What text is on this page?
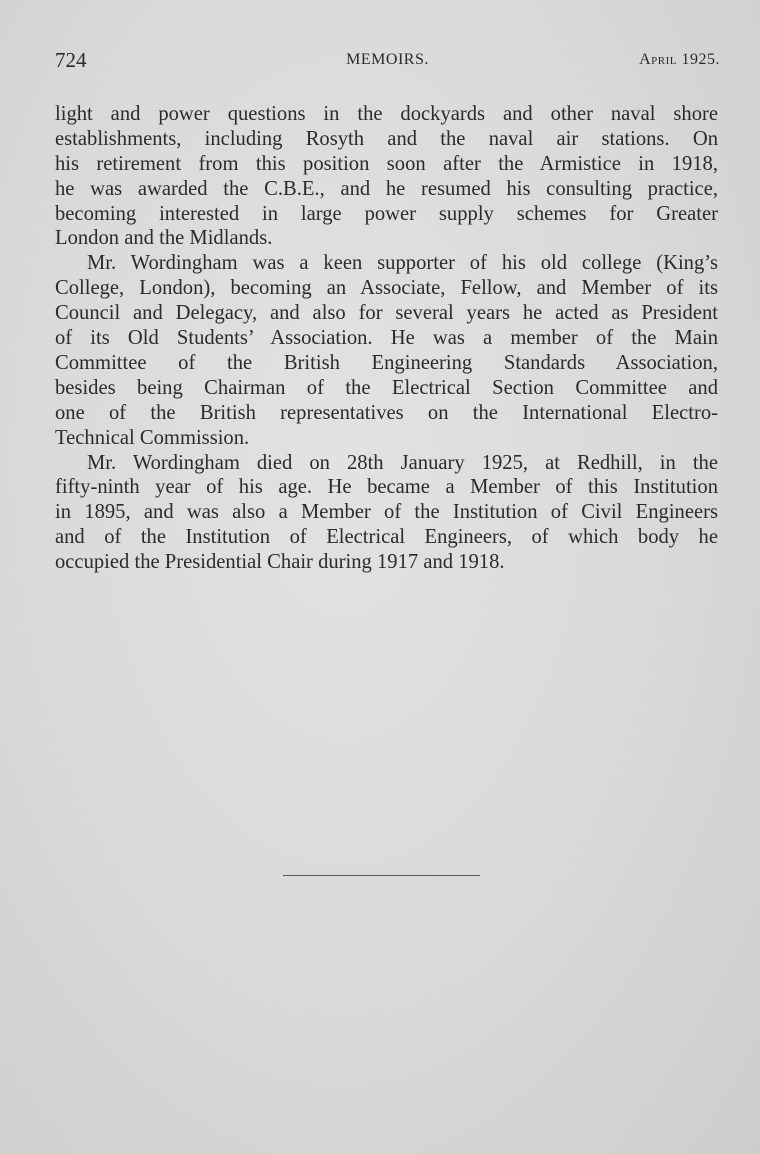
724	MEMOIRS.	April 1925.
light and power questions in the dockyards and other naval shore
establishments, including Rosyth and the naval air stations. On
his retirement from this position soon after the Armistice in 1918,
he was awarded the C.B.E., and he resumed his consulting practice,
becoming interested in large power supply schemes for Greater
London and the Midlands.
Mr. Wordingham was a keen supporter of his old college (King’s
College, London), becoming an Associate, Fellow, and Member of its
Council and Delegacy, and also for several years he acted as President
of its Old Students’ Association. He was a member of the Main
Committee of the British Engineering Standards Association,
besides being Chairman of the Electrical Section Committee and
one of the British representatives on the International Electro-
Technical Commission.
Mr. Wordingham died on 28th January 1925, at Redhill, in the
fifty-ninth year of his age. He became a Member of this Institution
in 1895, and was also a Member of the Institution of Civil Engineers
and of the Institution of Electrical Engineers, of which body he
occupied the Presidential Chair during 1917 and 1918.
